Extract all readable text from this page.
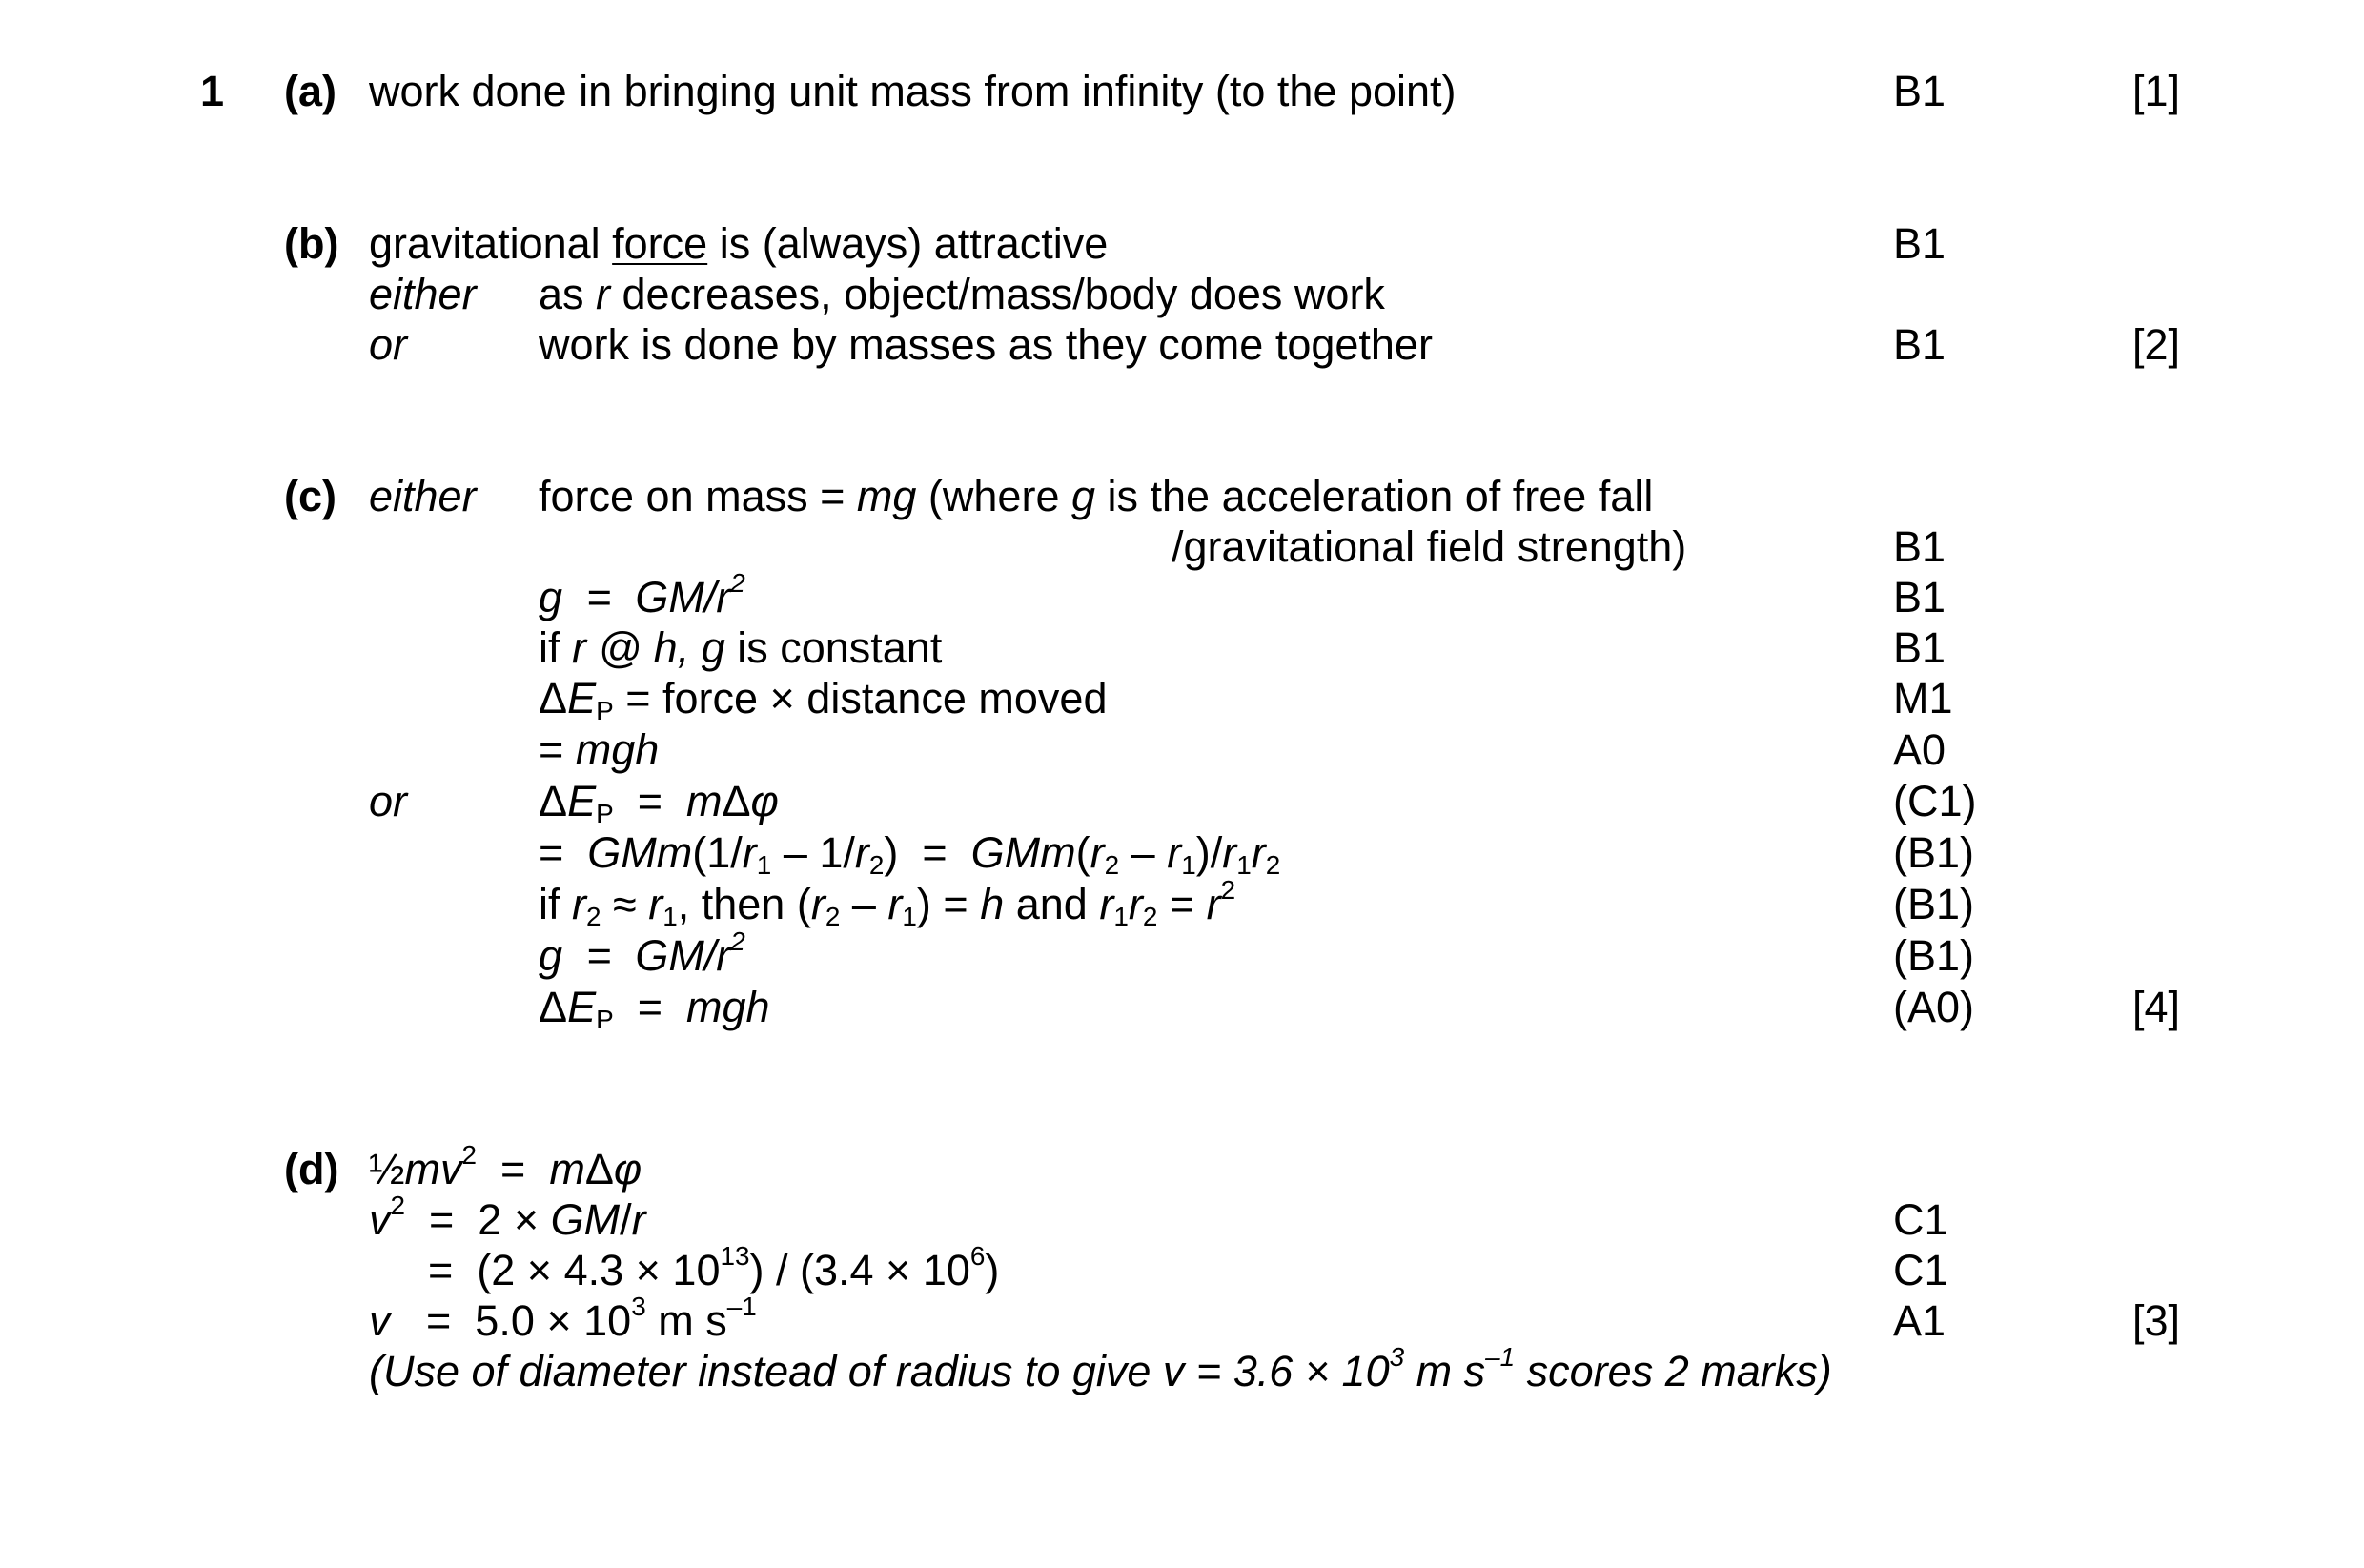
1 (a) work done in bringing unit mass from infinity (to the point)	B1	[1]
(b) gravitational force is (always) attractive	B1
either as r decreases, object/mass/body does work
or	work is done by masses as they come together	B1	[2]
(c) either force on mass = mg (where g is the acceleration of free fall
/gravitational field strength)	B1
$g = GM/r^2$	B1
if r @ h, g is constant	B1
$\Delta E_P$ = force × distance moved	M1
= mgh	A0
or	$\Delta E_P = m\Delta\varphi$	(C1)
=  $GMm(1/r_1 - 1/r_2) = GMm(r_2 - r_1)/r_1r_2$	(B1)
if $r_2 \approx r_1$, then $(r_2 - r_1) = h$ and $r_1r_2 = r^2$	(B1)
$g = GM/r^2$	(B1)
$\Delta E_P$  =  mgh	(A0)	[4]
(d) $\frac{1}{2}mv^2 = m\Delta\varphi$
$v^2 = 2 \times GM/r$	C1
=  $(2 \times 4.3 \times 10^{13}) / (3.4 \times 10^6)$	C1
$v = 5.0 \times 10^3$ m $s^{-1}$	A1	[3]
(Use of diameter instead of radius to give $v = 3.6 \times 10^3$ m $s^{-1}$ scores 2 marks)
